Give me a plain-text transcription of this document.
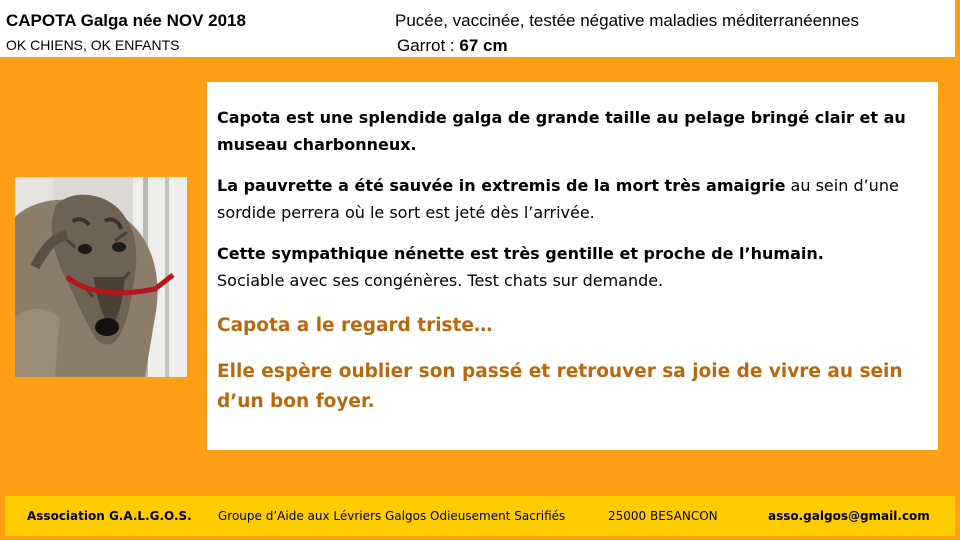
CAPOTA Galga née NOV 2018
OK CHIENS, OK ENFANTS
Pucée, vaccinée, testée négative maladies méditerranéennes
Garrot : 67 cm

Capota est une splendide galga de grande taille au pelage bringé clair et au museau charbonneux.

La pauvrette a été sauvée in extremis de la mort très amaigrie au sein d’une sordide perrera où le sort est jeté dès l’arrivée.

Cette sympathique nénette est très gentille et proche de l’humain.
Sociable avec ses congénères. Test chats sur demande.

Capota a le regard triste…

Elle espère oublier son passé et retrouver sa joie de vivre au sein d’un bon foyer.

Association G.A.L.G.O.S. Groupe d’Aide aux Lévriers Galgos Odieusement Sacrifiés	25000 BESANCON	asso.galgos@gmail.com
